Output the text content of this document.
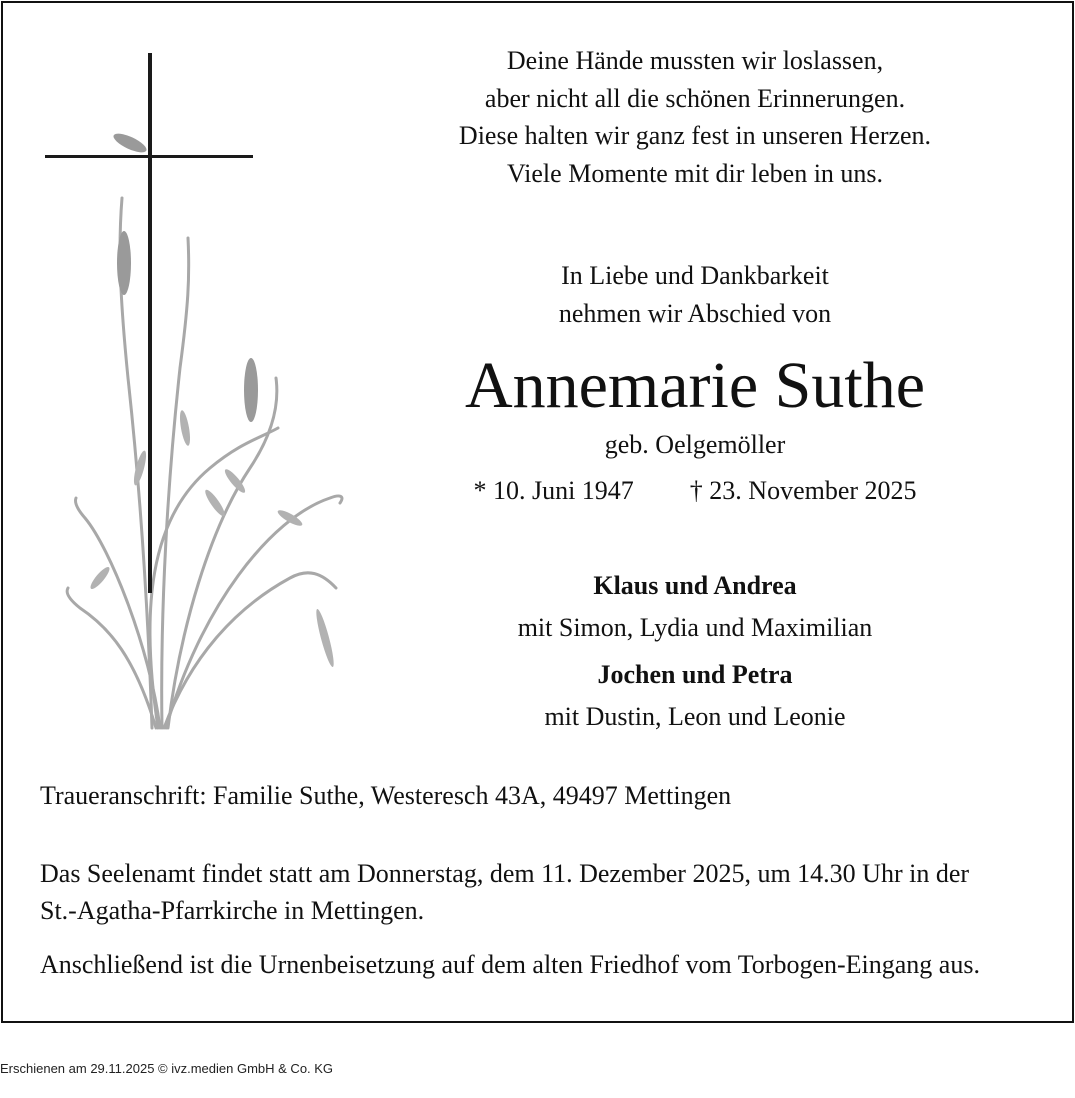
Deine Hände mussten wir loslassen,
aber nicht all die schönen Erinnerungen.
Diese halten wir ganz fest in unseren Herzen.
Viele Momente mit dir leben in uns.
In Liebe und Dankbarkeit
nehmen wir Abschied von
Annemarie Suthe
geb. Oelgemöller
* 10. Juni 1947 † 23. November 2025
Klaus und Andrea
mit Simon, Lydia und Maximilian
Jochen und Petra
mit Dustin, Leon und Leonie
Traueranschrift: Familie Suthe, Westeresch 43A, 49497 Mettingen
Das Seelenamt findet statt am Donnerstag, dem 11. Dezember 2025, um 14.30 Uhr in der
St.-Agatha-Pfarrkirche in Mettingen.
Anschließend ist die Urnenbeisetzung auf dem alten Friedhof vom Torbogen-Eingang aus.
Erschienen am 29.11.2025 © ivz.medien GmbH & Co. KG
